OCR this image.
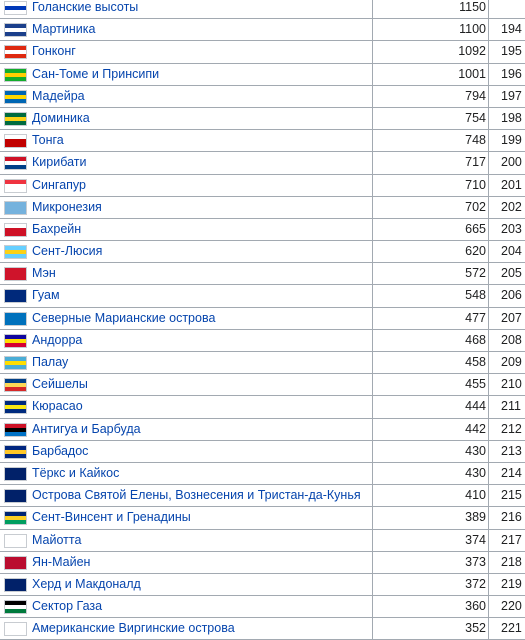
Голанские высоты	1150
Мартиника	1100 194
Гонконг	1092 195
Сан-Томе и Принсипи	1001 196
Мадейра	794 197
Доминика	754 198
Тонга	748 199
Кирибати	717 200
Сингапур	710 201
Микронезия	702 202
Бахрейн	665 203
Сент-Люсия	620 204
Мэн	572 205
Гуам	548 206
Северные Марианские острова	477 207
Андорра	468 208
Палау	458 209
Сейшелы	455 210
Кюрасао	444 211
Антигуа и Барбуда	442 212
Барбадос	430 213
Тёркс и Кайкос	430 214
Острова Святой Елены, Вознесения и Тристан-да-Кунья	410 215
Сент-Винсент и Гренадины	389 216
Майотта	374 217
Ян-Майен	373 218
Херд и Макдоналд	372 219
Сектор Газа	360 220
Американские Виргинские острова	352 221
